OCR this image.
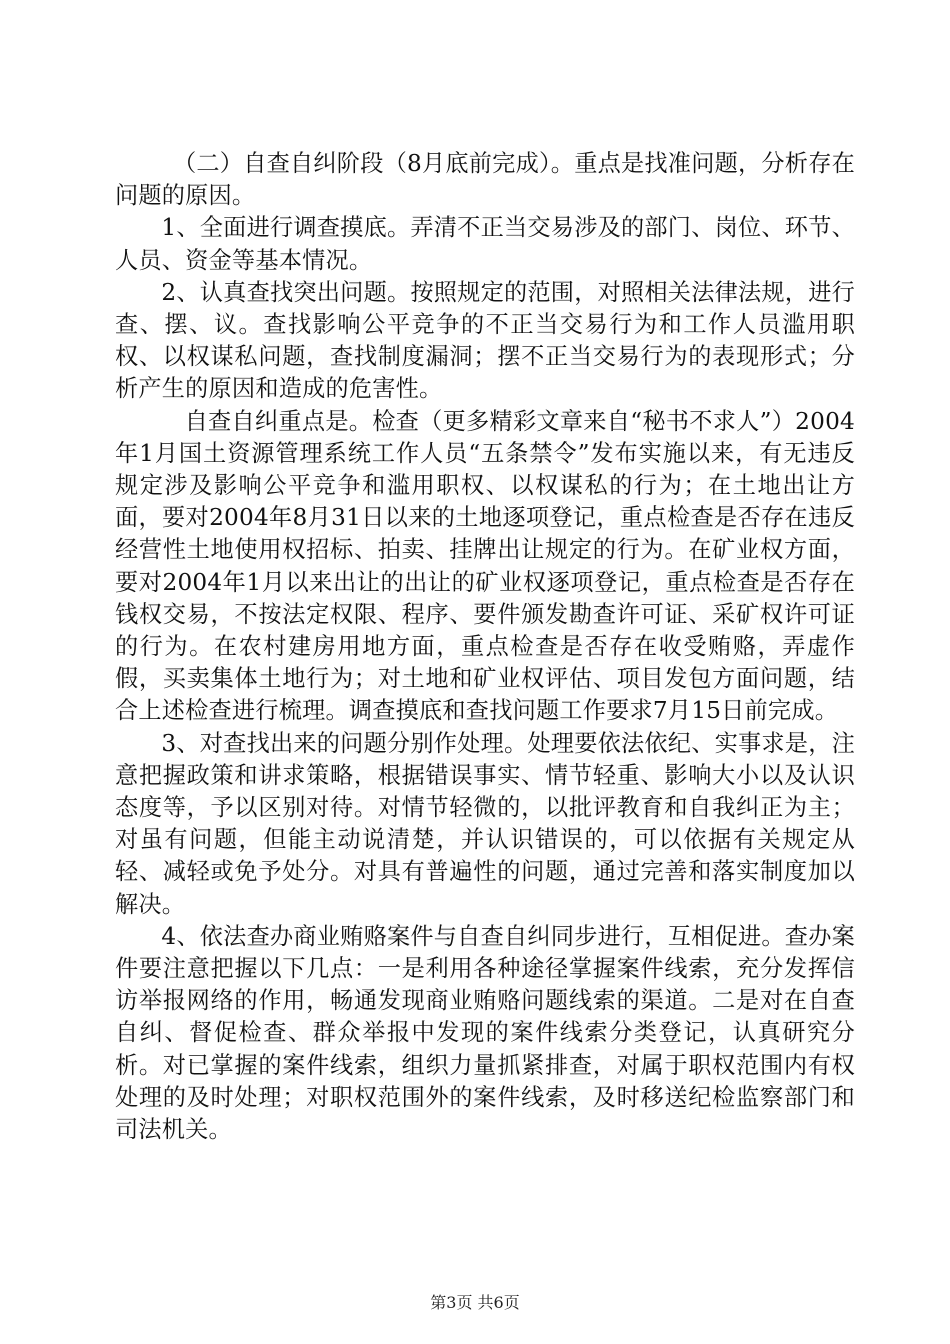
（二）自查自纠阶段（8月底前完成）。重点是找准问题，分析存在问题的原因。

1、全面进行调查摸底。弄清不正当交易涉及的部门、岗位、环节、人员、资金等基本情况。

2、认真查找突出问题。按照规定的范围，对照相关法律法规，进行查、摆、议。查找影响公平竞争的不正当交易行为和工作人员滥用职权、以权谋私问题，查找制度漏洞；摆不正当交易行为的表现形式；分析产生的原因和造成的危害性。

自查自纠重点是。检查（更多精彩文章来自“秘书不求人”）2004年1月国土资源管理系统工作人员“五条禁令”发布实施以来，有无违反规定涉及影响公平竞争和滥用职权、以权谋私的行为；在土地出让方面，要对2004年8月31日以来的土地逐项登记，重点检查是否存在违反经营性土地使用权招标、拍卖、挂牌出让规定的行为。在矿业权方面，要对2004年1月以来出让的出让的矿业权逐项登记，重点检查是否存在钱权交易，不按法定权限、程序、要件颁发勘查许可证、采矿权许可证的行为。在农村建房用地方面，重点检查是否存在收受贿赂，弄虚作假，买卖集体土地行为；对土地和矿业权评估、项目发包方面问题，结合上述检查进行梳理。调查摸底和查找问题工作要求7月15日前完成。

3、对查找出来的问题分别作处理。处理要依法依纪、实事求是，注意把握政策和讲求策略，根据错误事实、情节轻重、影响大小以及认识态度等，予以区别对待。对情节轻微的，以批评教育和自我纠正为主；对虽有问题，但能主动说清楚，并认识错误的，可以依据有关规定从轻、减轻或免予处分。对具有普遍性的问题，通过完善和落实制度加以解决。

4、依法查办商业贿赂案件与自查自纠同步进行，互相促进。查办案件要注意把握以下几点：一是利用各种途径掌握案件线索，充分发挥信访举报网络的作用，畅通发现商业贿赂问题线索的渠道。二是对在自查自纠、督促检查、群众举报中发现的案件线索分类登记，认真研究分析。对已掌握的案件线索，组织力量抓紧排查，对属于职权范围内有权处理的及时处理；对职权范围外的案件线索，及时移送纪检监察部门和司法机关。

第3页 共6页
